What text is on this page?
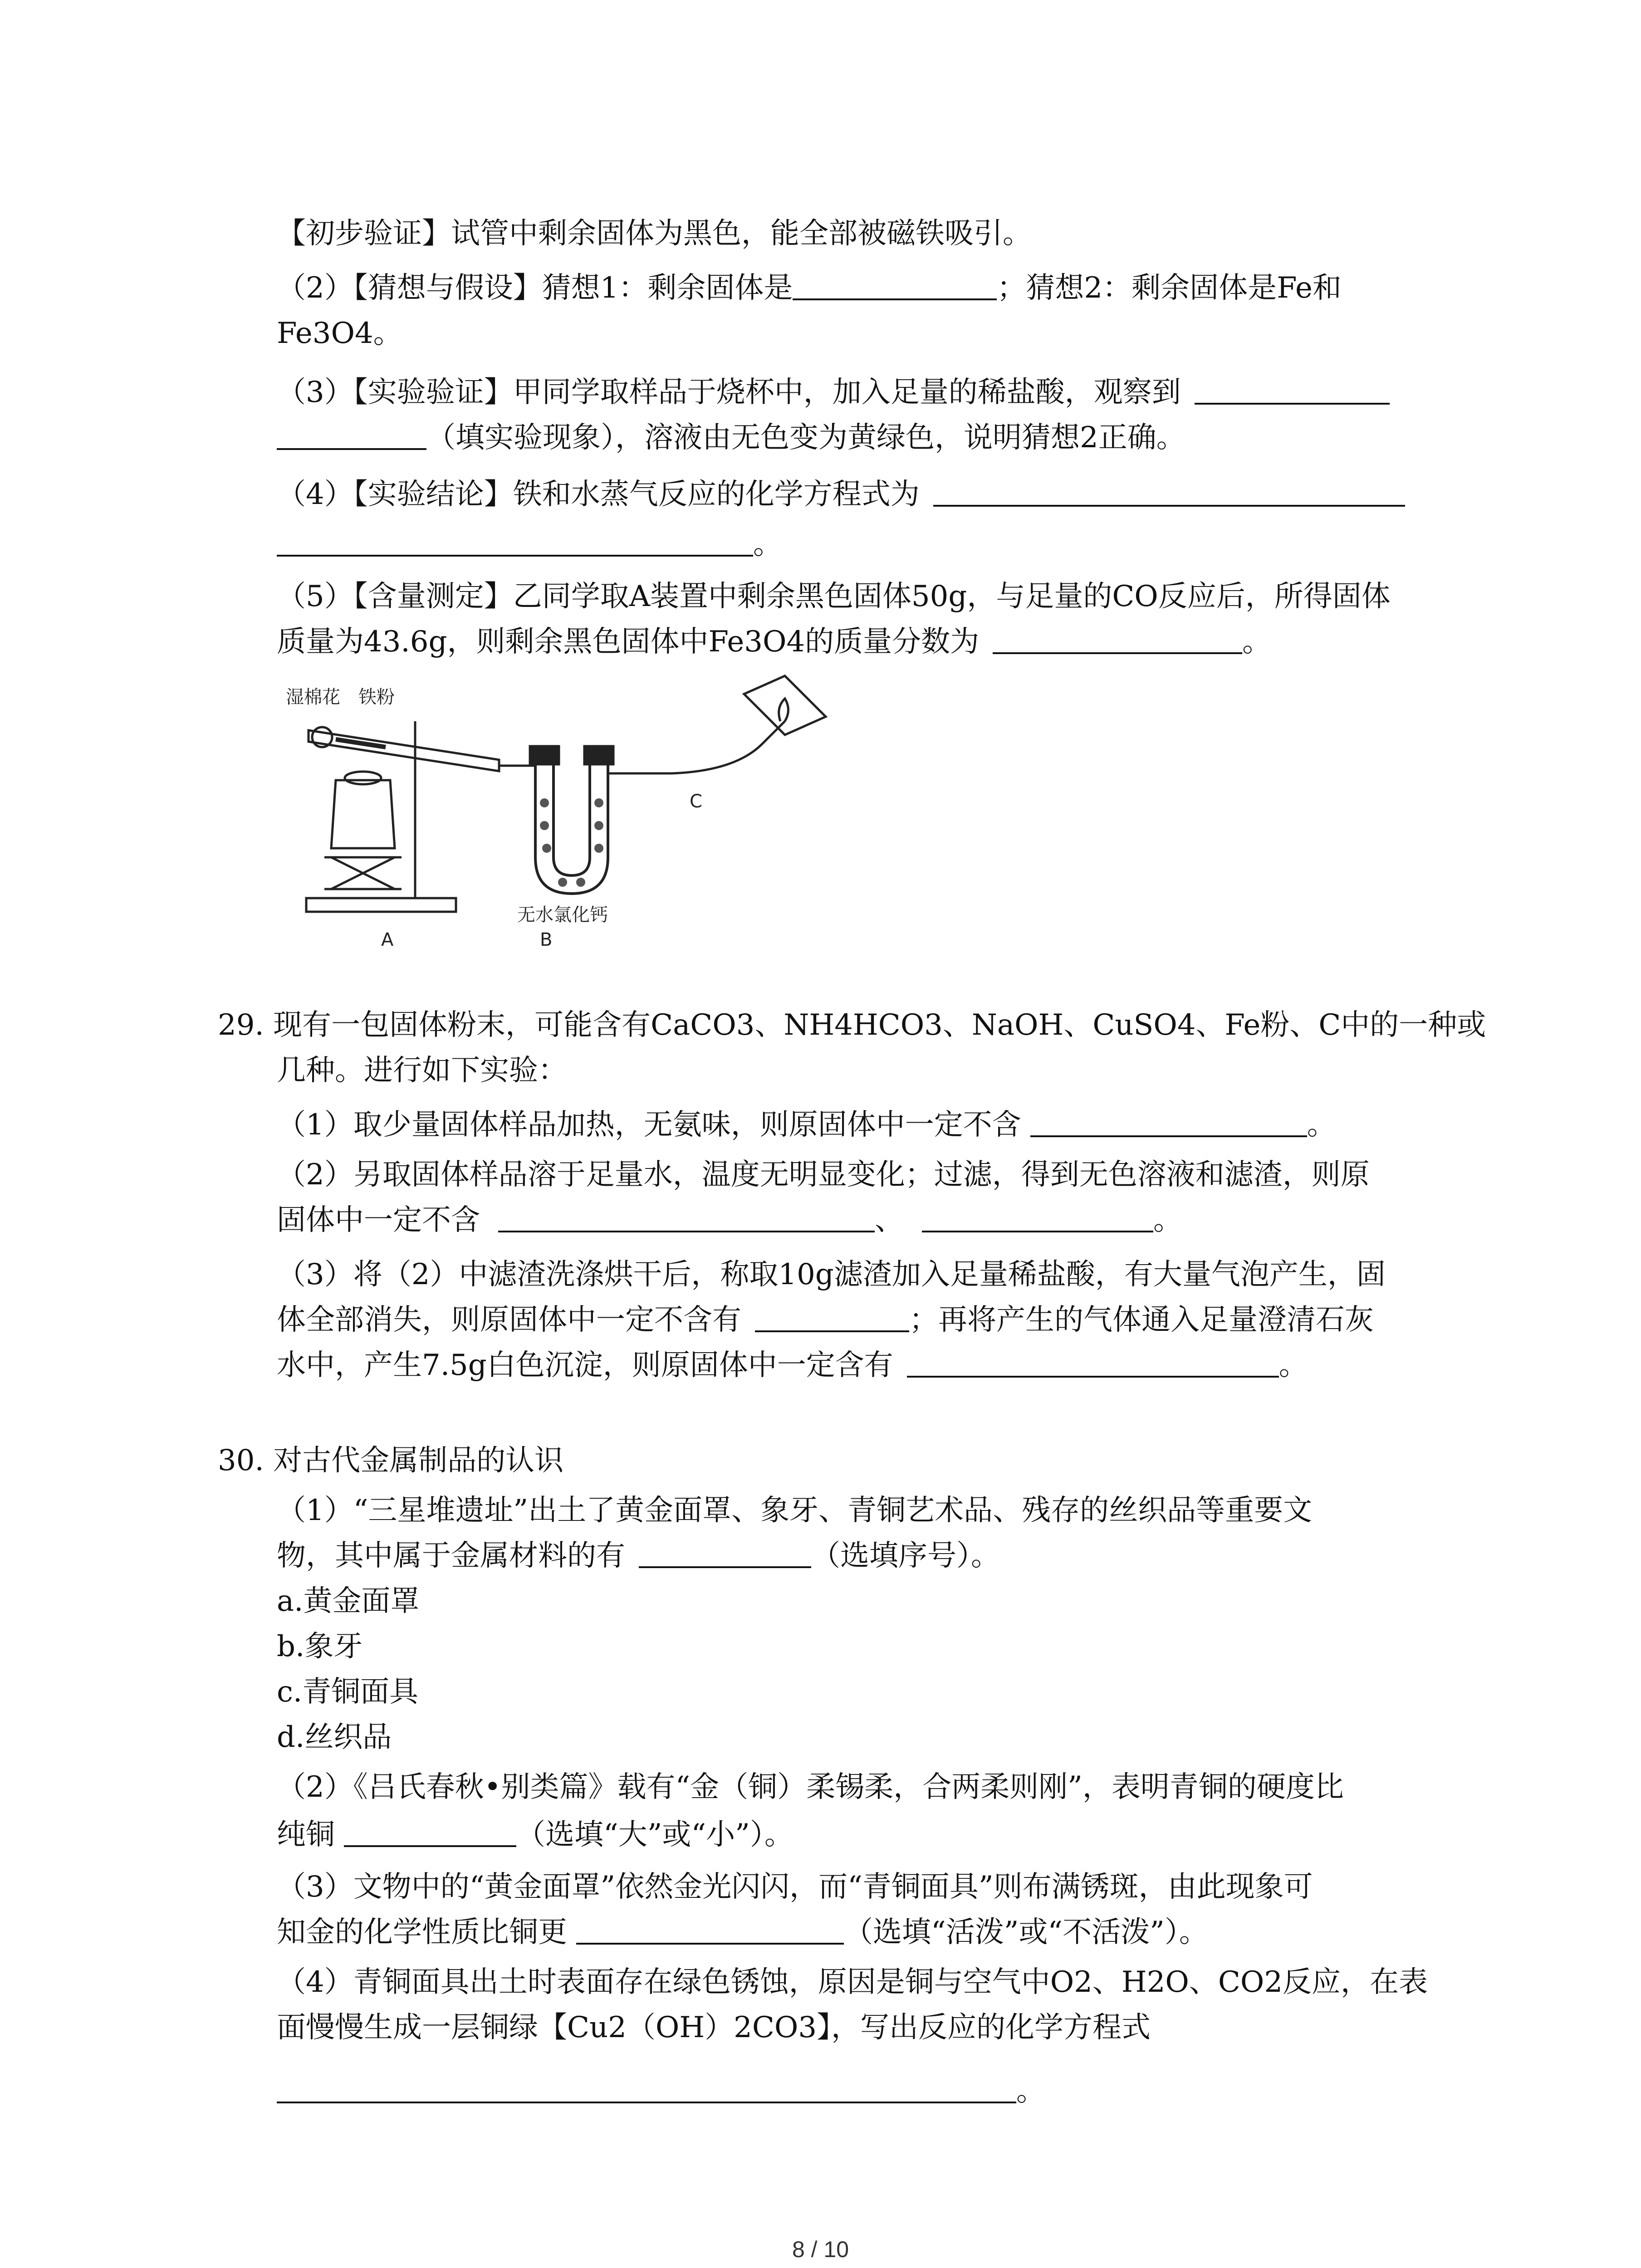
【初步验证】试管中剩余固体为黑色，能全部被磁铁吸引。
（2）【猜想与假设】猜想1：剩余固体是	；猜想2：剩余固体是Fe和
Fe3O4。
（3）【实验验证】甲同学取样品于烧杯中，加入足量的稀盐酸，观察到
（填实验现象），溶液由无色变为黄绿色，说明猜想2正确。
（4）【实验结论】铁和水蒸气反应的化学方程式为
。
（5）【含量测定】乙同学取A装置中剩余黑色固体50g，与足量的CO反应后，所得固体
质量为43.6g，则剩余黑色固体中Fe3O4的质量分数为	。
湿棉花 铁粉
无水氯化钙
A	B
C
29. 现有一包固体粉末，可能含有CaCO3、NH4HCO3、NaOH、CuSO4、Fe粉、C中的一种或
几种。进行如下实验：
（1）取少量固体样品加热，无氨味，则原固体中一定不含	。
（2）另取固体样品溶于足量水，温度无明显变化；过滤，得到无色溶液和滤渣，则原
固体中一定不含	、	。
（3）将（2）中滤渣洗涤烘干后，称取10g滤渣加入足量稀盐酸，有大量气泡产生，固
体全部消失，则原固体中一定不含有	；再将产生的气体通入足量澄清石灰
水中，产生7.5g白色沉淀，则原固体中一定含有	。
30. 对古代金属制品的认识
（1）“三星堆遗址”出土了黄金面罩、象牙、青铜艺术品、残存的丝织品等重要文
物，其中属于金属材料的有	（选填序号）。
a.黄金面罩
b.象牙
c.青铜面具
d.丝织品
（2）《吕氏春秋•别类篇》载有“金（铜）柔锡柔，合两柔则刚”，表明青铜的硬度比
纯铜	（选填“大”或“小”）。
（3）文物中的“黄金面罩”依然金光闪闪，而“青铜面具”则布满锈斑，由此现象可
知金的化学性质比铜更	（选填“活泼”或“不活泼”）。
（4）青铜面具出土时表面存在绿色锈蚀，原因是铜与空气中O2、H2O、CO2反应，在表
面慢慢生成一层铜绿【Cu2（OH）2CO3】，写出反应的化学方程式
。
8 / 10
